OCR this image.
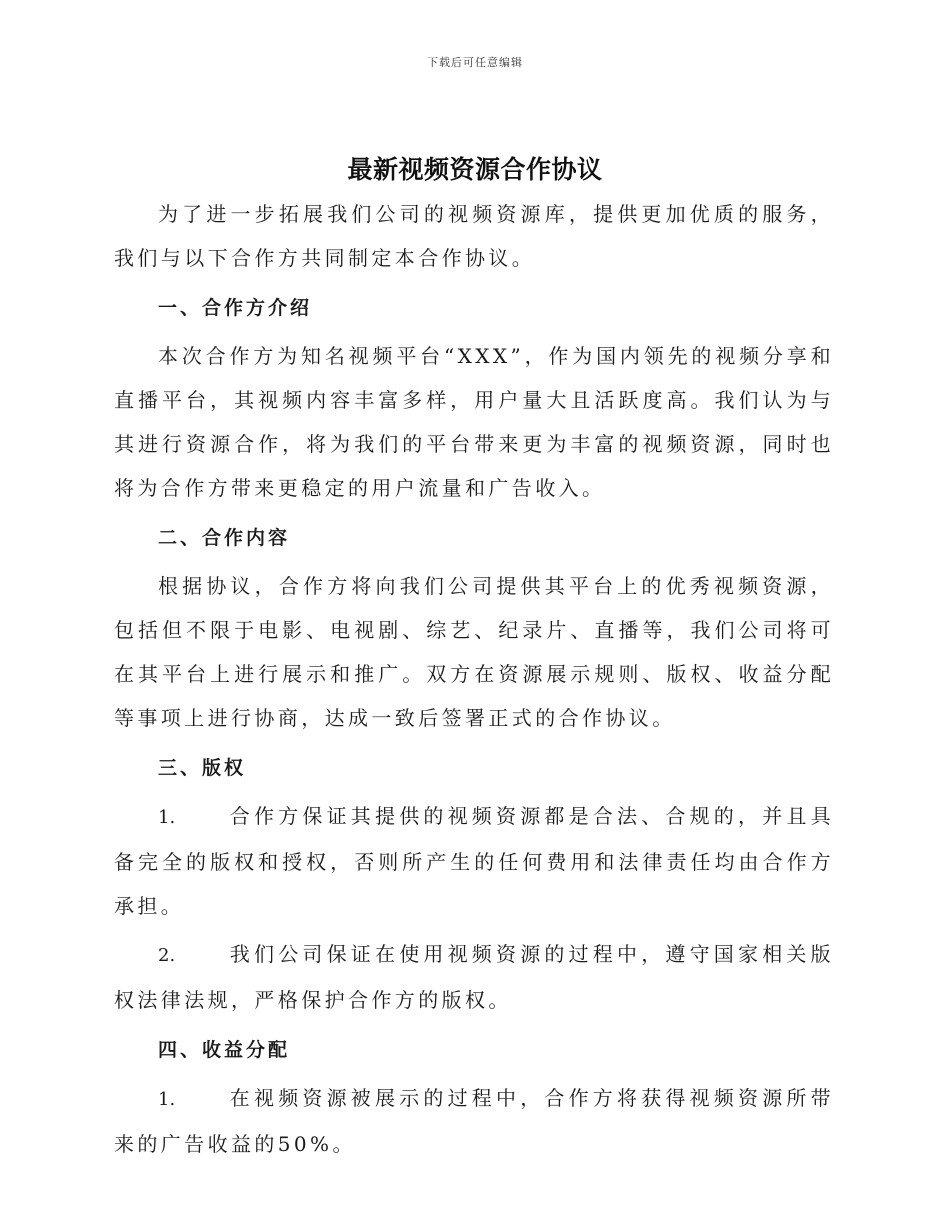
下载后可任意编辑
最新视频资源合作协议

为了进一步拓展我们公司的视频资源库，提供更加优质的服务，我们与以下合作方共同制定本合作协议。

一、合作方介绍

本次合作方为知名视频平台“XXX”，作为国内领先的视频分享和直播平台，其视频内容丰富多样，用户量大且活跃度高。我们认为与其进行资源合作，将为我们的平台带来更为丰富的视频资源，同时也将为合作方带来更稳定的用户流量和广告收入。

二、合作内容

根据协议，合作方将向我们公司提供其平台上的优秀视频资源，包括但不限于电影、电视剧、综艺、纪录片、直播等，我们公司将可在其平台上进行展示和推广。双方在资源展示规则、版权、收益分配等事项上进行协商，达成一致后签署正式的合作协议。

三、版权

1.	合作方保证其提供的视频资源都是合法、合规的，并且具备完全的版权和授权，否则所产生的任何费用和法律责任均由合作方承担。

2.	我们公司保证在使用视频资源的过程中，遵守国家相关版权法律法规，严格保护合作方的版权。

四、收益分配

1.	在视频资源被展示的过程中，合作方将获得视频资源所带来的广告收益的50%。
